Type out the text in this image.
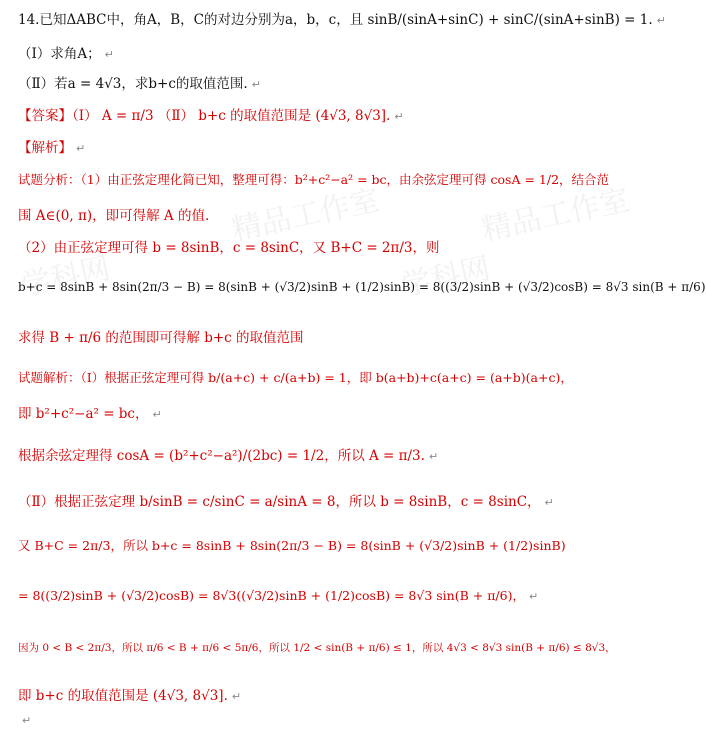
学科网
精品工作室
学科网
精品工作室
14.已知ΔABC中，角A，B，C的对边分别为a，b，c，且 sinB/(sinA+sinC) + sinC/(sinA+sinB) = 1. ↵
（Ⅰ）求角A； ↵
（Ⅱ）若a = 4√3，求b+c的取值范围. ↵
【答案】（Ⅰ） A = π/3 （Ⅱ） b+c 的取值范围是 (4√3, 8√3]. ↵
【解析】 ↵
试题分析：（1）由正弦定理化简已知，整理可得：b²+c²−a² = bc，由余弦定理可得 cosA = 1/2，结合范
围 A∈(0, π)，即可得解 A 的值.
（2）由正弦定理可得 b = 8sinB，c = 8sinC，又 B+C = 2π/3，则
b+c = 8sinB + 8sin(2π/3 − B) = 8(sinB + (√3/2)sinB + (1/2)sinB) = 8((3/2)sinB + (√3/2)cosB) = 8√3 sin(B + π/6)
求得 B + π/6 的范围即可得解 b+c 的取值范围
试题解析：（Ⅰ）根据正弦定理可得 b/(a+c) + c/(a+b) = 1，即 b(a+b)+c(a+c) = (a+b)(a+c)，
即 b²+c²−a² = bc， ↵
根据余弦定理得 cosA = (b²+c²−a²)/(2bc) = 1/2，所以 A = π/3. ↵
（Ⅱ）根据正弦定理 b/sinB = c/sinC = a/sinA = 8，所以 b = 8sinB，c = 8sinC， ↵
又 B+C = 2π/3，所以 b+c = 8sinB + 8sin(2π/3 − B) = 8(sinB + (√3/2)sinB + (1/2)sinB)
= 8((3/2)sinB + (√3/2)cosB) = 8√3((√3/2)sinB + (1/2)cosB) = 8√3 sin(B + π/6)， ↵
因为 0 < B < 2π/3，所以 π/6 < B + π/6 < 5π/6，所以 1/2 < sin(B + π/6) ≤ 1，所以 4√3 < 8√3 sin(B + π/6) ≤ 8√3，
即 b+c 的取值范围是 (4√3, 8√3]. ↵
↵
